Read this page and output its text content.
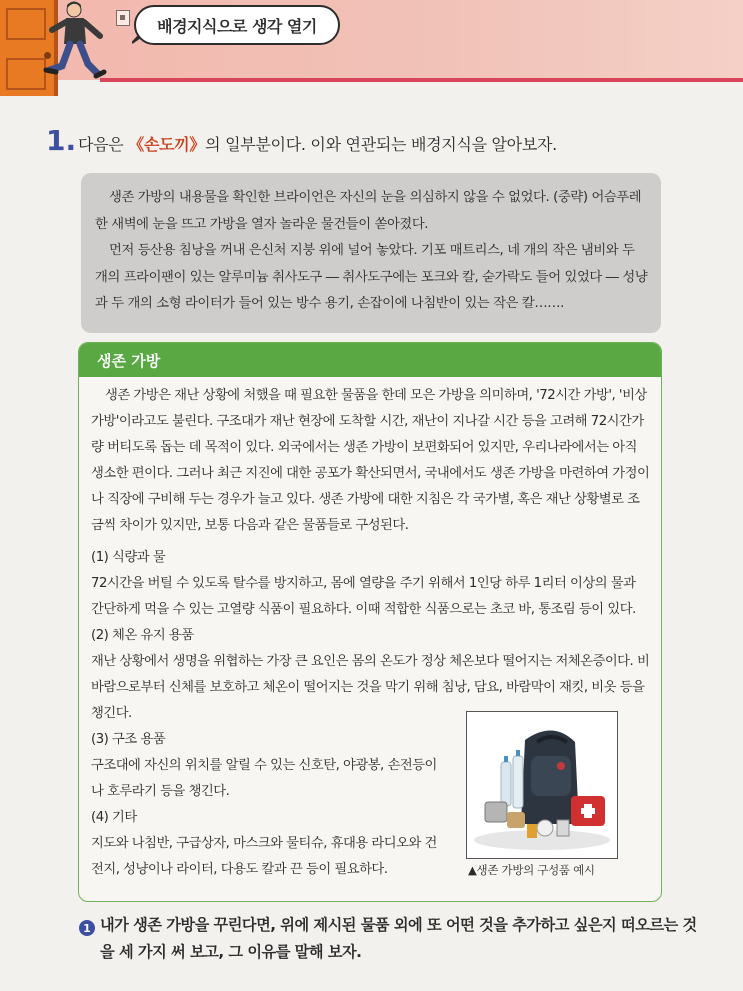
배경지식으로 생각 열기
1. 다음은 《손도끼》의 일부분이다. 이와 연관되는 배경지식을 알아보자.

생존 가방의 내용물을 확인한 브라이언은 자신의 눈을 의심하지 않을 수 없었다. (중략) 어슴푸레한 새벽에 눈을 뜨고 가방을 열자 놀라운 물건들이 쏟아졌다.

먼저 등산용 침낭을 꺼내 은신처 지붕 위에 널어 놓았다. 기포 매트리스, 네 개의 작은 냄비와 두 개의 프라이팬이 있는 알루미늄 취사도구 ― 취사도구에는 포크와 칼, 숟가락도 들어 있었다 ― 성냥과 두 개의 소형 라이터가 들어 있는 방수 용기, 손잡이에 나침반이 있는 작은 칼…….

생존 가방

생존 가방은 재난 상황에 처했을 때 필요한 물품을 한데 모은 가방을 의미하며, '72시간 가방', '비상 가방'이라고도 불린다. 구조대가 재난 현장에 도착할 시간, 재난이 지나갈 시간 등을 고려해 72시간가량 버티도록 돕는 데 목적이 있다. 외국에서는 생존 가방이 보편화되어 있지만, 우리나라에서는 아직 생소한 편이다. 그러나 최근 지진에 대한 공포가 확산되면서, 국내에서도 생존 가방을 마련하여 가정이나 직장에 구비해 두는 경우가 늘고 있다. 생존 가방에 대한 지침은 각 국가별, 혹은 재난 상황별로 조금씩 차이가 있지만, 보통 다음과 같은 물품들로 구성된다.

(1) 식량과 물

72시간을 버틸 수 있도록 탈수를 방지하고, 몸에 열량을 주기 위해서 1인당 하루 1리터 이상의 물과 간단하게 먹을 수 있는 고열량 식품이 필요하다. 이때 적합한 식품으로는 초코 바, 통조림 등이 있다.

(2) 체온 유지 용품

재난 상황에서 생명을 위협하는 가장 큰 요인은 몸의 온도가 정상 체온보다 떨어지는 저체온증이다. 비바람으로부터 신체를 보호하고 체온이 떨어지는 것을 막기 위해 침낭, 담요, 바람막이 재킷, 비옷 등을 챙긴다.

(3) 구조 용품

구조대에 자신의 위치를 알릴 수 있는 신호탄, 야광봉, 손전등이나 호루라기 등을 챙긴다.

(4) 기타

지도와 나침반, 구급상자, 마스크와 물티슈, 휴대용 라디오와 건전지, 성냥이나 라이터, 다용도 칼과 끈 등이 필요하다.	▲생존 가방의 구성품 예시
1 내가 생존 가방을 꾸린다면, 위에 제시된 물품 외에 또 어떤 것을 추가하고 싶은지 떠오르는 것을 세 가지 써 보고, 그 이유를 말해 보자.
